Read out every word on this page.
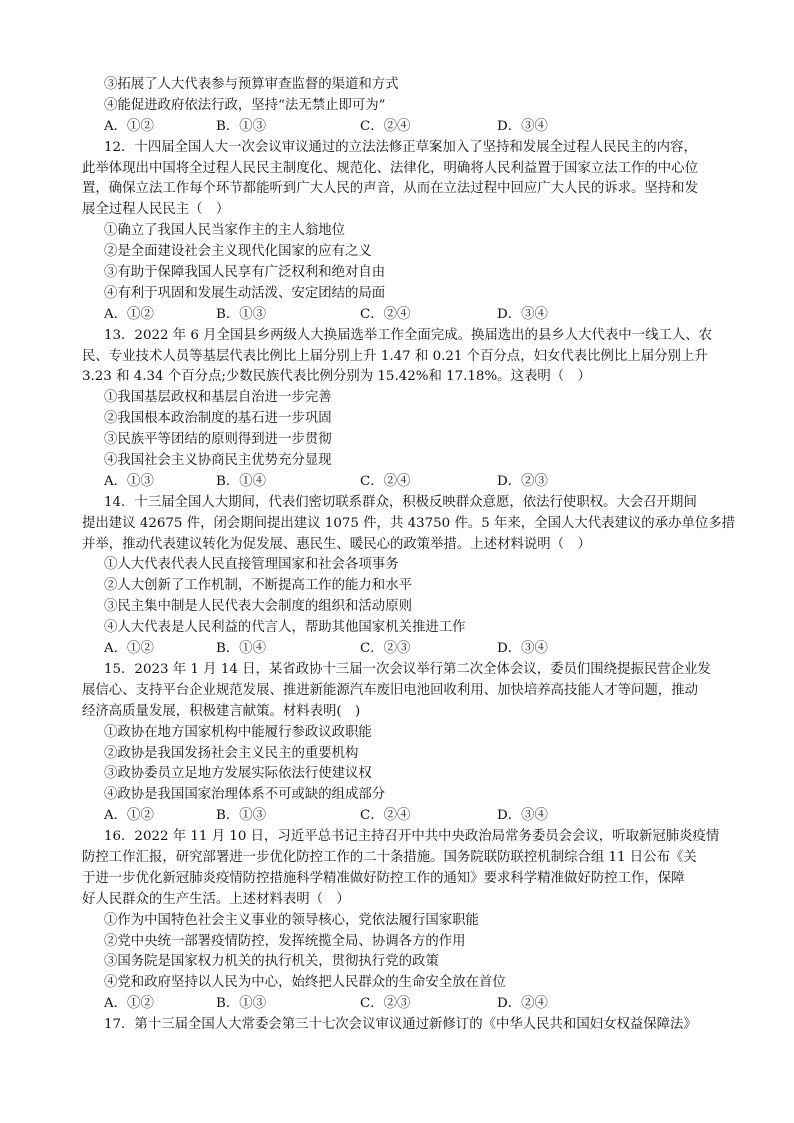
③拓展了人大代表参与预算审查监督的渠道和方式
④能促进政府依法行政，坚持“法无禁止即可为”
A．①②	B．①③	C．②④	D．③④
12．十四届全国人大一次会议审议通过的立法法修正草案加入了坚持和发展全过程人民民主的内容，
此举体现出中国将全过程人民民主制度化、规范化、法律化，明确将人民利益置于国家立法工作的中心位
置，确保立法工作每个环节都能听到广大人民的声音，从而在立法过程中回应广大人民的诉求。坚持和发
展全过程人民民主（　）
①确立了我国人民当家作主的主人翁地位
②是全面建设社会主义现代化国家的应有之义
③有助于保障我国人民享有广泛权利和绝对自由
④有利于巩固和发展生动活泼、安定团结的局面
A．①②	B．①③	C．②④	D．③④
13．2022 年 6 月全国县乡两级人大换届选举工作全面完成。换届选出的县乡人大代表中一线工人、农
民、专业技术人员等基层代表比例比上届分别上升 1.47 和 0.21 个百分点，妇女代表比例比上届分别上升
3.23 和 4.34 个百分点;少数民族代表比例分别为 15.42%和 17.18%。这表明（　）
①我国基层政权和基层自治进一步完善
②我国根本政治制度的基石进一步巩固
③民族平等团结的原则得到进一步贯彻
④我国社会主义协商民主优势充分显现
A．①③	B．①④	C．②④	D．②③
14．十三届全国人大期间，代表们密切联系群众，积极反映群众意愿，依法行使职权。大会召开期间
提出建议 42675 件，闭会期间提出建议 1075 件，共 43750 件。5 年来，全国人大代表建议的承办单位多措
并举，推动代表建议转化为促发展、惠民生、暖民心的政策举措。上述材料说明（　）
①人大代表代表人民直接管理国家和社会各项事务
②人大创新了工作机制，不断提高工作的能力和水平
③民主集中制是人民代表大会制度的组织和活动原则
④人大代表是人民利益的代言人，帮助其他国家机关推进工作
A．①②	B．①④	C．②③	D．③④
15．2023 年 1 月 14 日，某省政协十三届一次会议举行第二次全体会议，委员们围绕提振民营企业发
展信心、支持平台企业规范发展、推进新能源汽车废旧电池回收利用、加快培养高技能人才等问题，推动
经济高质量发展，积极建言献策。材料表明(　)
①政协在地方国家机构中能履行参政议政职能
②政协是我国发扬社会主义民主的重要机构
③政协委员立足地方发展实际依法行使建议权
④政协是我国国家治理体系不可或缺的组成部分
A．①②	B．①③	C．②④	D．③④
16．2022 年 11 月 10 日，习近平总书记主持召开中共中央政治局常务委员会会议，听取新冠肺炎疫情
防控工作汇报，研究部署进一步优化防控工作的二十条措施。国务院联防联控机制综合组 11 日公布《关
于进一步优化新冠肺炎疫情防控措施科学精准做好防控工作的通知》要求科学精准做好防控工作，保障
好人民群众的生产生活。上述材料表明（　）
①作为中国特色社会主义事业的领导核心，党依法履行国家职能
②党中央统一部署疫情防控，发挥统揽全局、协调各方的作用
③国务院是国家权力机关的执行机关，贯彻执行党的政策
④党和政府坚持以人民为中心，始终把人民群众的生命安全放在首位
A．①②	B．①③	C．②③	D．②④
17．第十三届全国人大常委会第三十七次会议审议通过新修订的《中华人民共和国妇女权益保障法》
